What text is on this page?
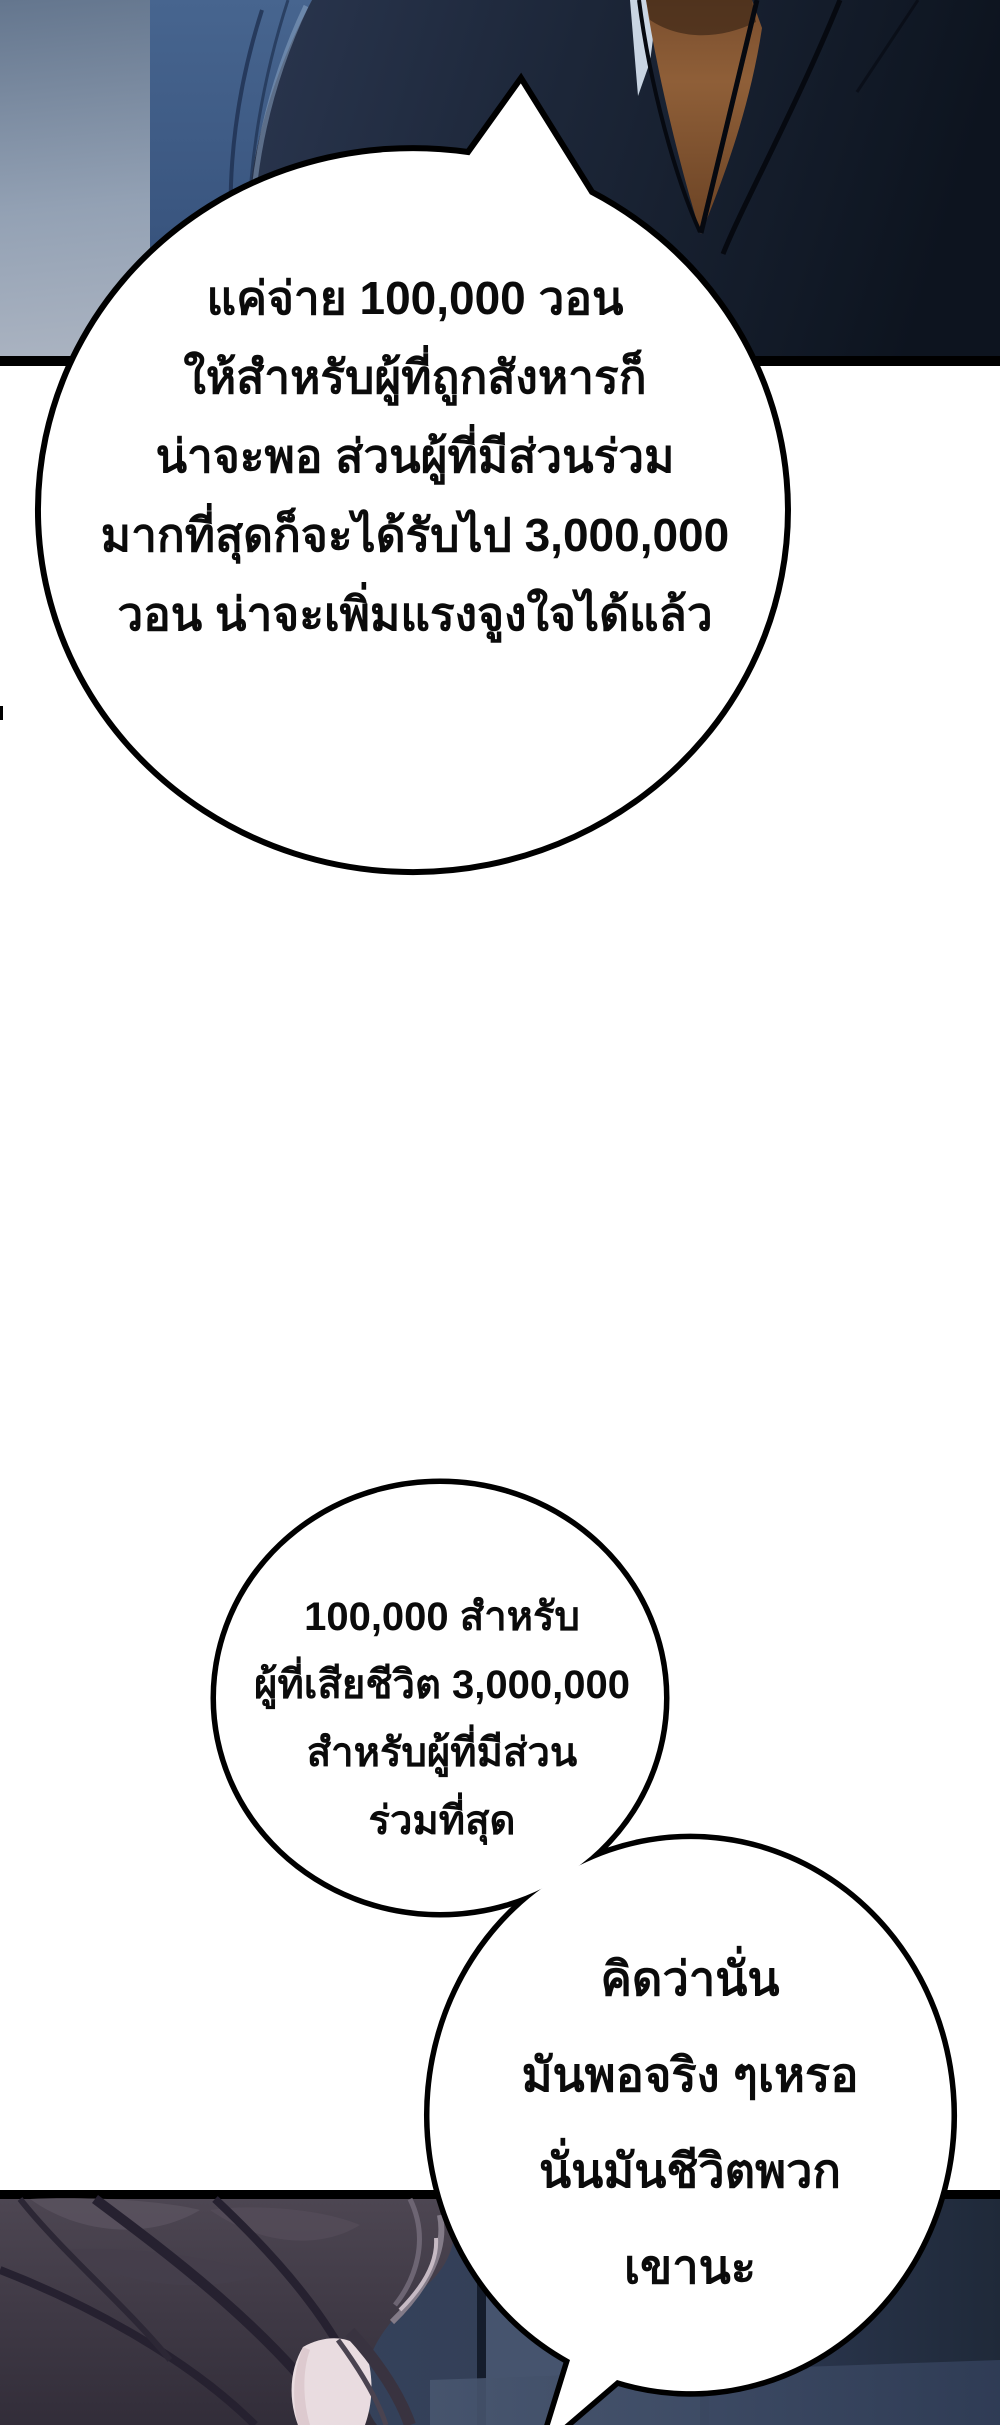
แค่จ่าย 100,000 วอน
ให้สำหรับผู้ที่ถูกสังหารก็
น่าจะพอ ส่วนผู้ที่มีส่วนร่วม
มากที่สุดก็จะได้รับไป 3,000,000
วอน น่าจะเพิ่มแรงจูงใจได้แล้ว
100,000 สำหรับ
ผู้ที่เสียชีวิต 3,000,000
สำหรับผู้ที่มีส่วน
ร่วมที่สุด
คิดว่านั่น
มันพอจริง ๆเหรอ
นั่นมันชีวิตพวก
เขานะ
